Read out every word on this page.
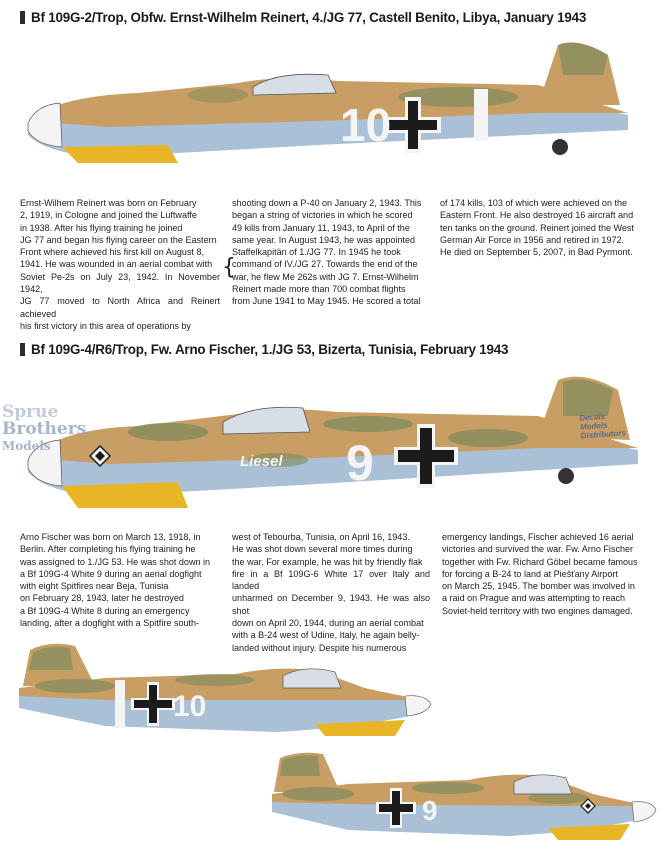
Bf 109G-2/Trop, Obfw. Ernst-Wilhelm Reinert, 4./JG 77, Castell Benito, Libya, January 1943
10
Ernst-Wilhem Reinert was born on February
2, 1919, in Cologne and joined the Luftwaffe
in 1938. After his flying training he joined
JG 77 and began his flying career on the Eastern
Front where achieved his first kill on August 8,
1941. He was wounded in an aerial combat with
Soviet Pe-2s on July 23, 1942. In November 1942,
JG 77 moved to North Africa and Reinert achieved
his first victory in this area of operations by
{
shooting down a P-40 on January 2, 1943. This
began a string of victories in which he scored
49 kills from January 11, 1943, to April of the
same year. In August 1943, he was appointed
Staffelkapitän of 1./JG 77. In 1945 he took
command of IV./JG 27. Towards the end of the
war, he flew Me 262s with JG 7. Ernst-Wilhelm
Reinert made more than 700 combat flights
from June 1941 to May 1945. He scored a total
of 174 kills, 103 of which were achieved on the
Eastern Front. He also destroyed 16 aircraft and
ten tanks on the ground. Reinert joined the West
German Air Force in 1956 and retired in 1972.
He died on September 5, 2007, in Bad Pyrmont.
Bf 109G-4/R6/Trop, Fw. Arno Fischer, 1./JG 53, Bizerta, Tunisia, February 1943
Liesel 9
Sprue
Brothers
Models
Decals
Models
Distributors
Arno Fischer was born on March 13, 1918, in
Berlin. After completing his flying training he
was assigned to 1./JG 53. He was shot down in
a Bf 109G-4 White 9 during an aerial dogfight
with eight Spitfires near Beja, Tunisia
on February 28, 1943, later he destroyed
a Bf 109G-4 White 8 during an emergency
landing, after a dogfight with a Spitfire south-
west of Tebourba, Tunisia, on April 16, 1943.
He was shot down several more times during
the war. For example, he was hit by friendly flak
fire in a Bf 109G-6 White 17 over Italy and landed
unharmed on December 9, 1943. He was also shot
down on April 20, 1944, during an aerial combat
with a B-24 west of Udine, Italy, he again belly-
landed without injury. Despite his numerous
emergency landings, Fischer achieved 16 aerial
victories and survived the war. Fw. Arno Fischer
together with Fw. Richard Göbel became famous
for forcing a B-24 to land at Piešťany Airport
on March 25, 1945. The bomber was involved in
a raid on Prague and was attempting to reach
Soviet-held territory with two engines damaged.
10
9
